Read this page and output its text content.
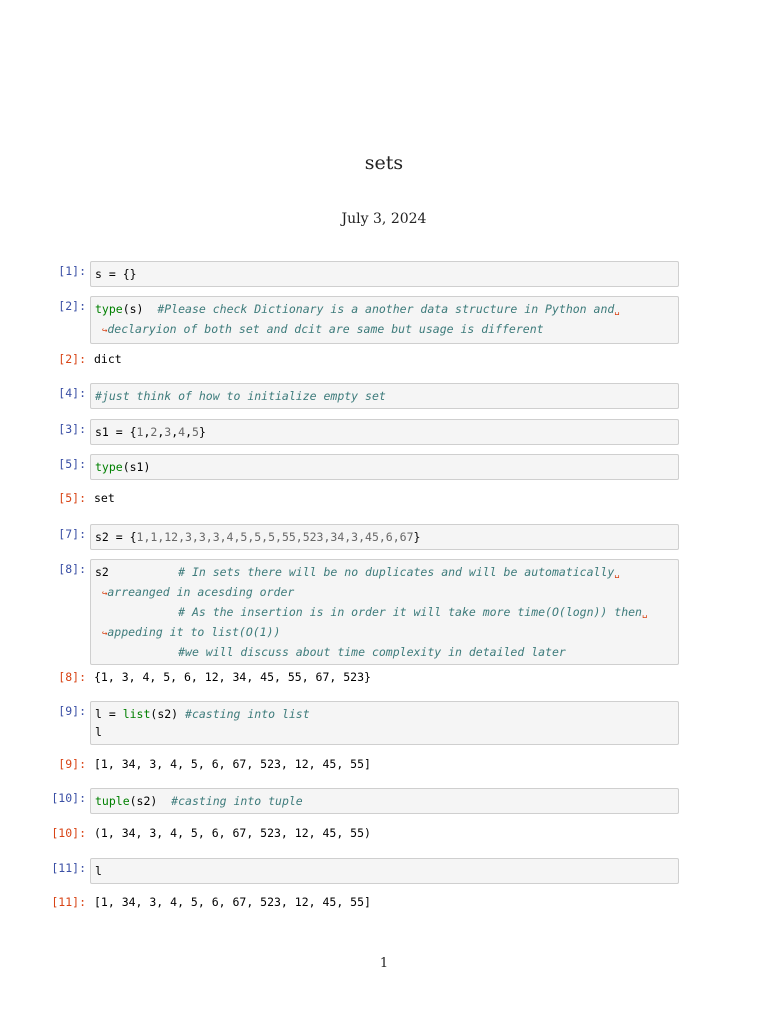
sets
July 3, 2024
[1]: s = {}
[2]: type(s)  #Please check Dictionary is a another data structure in Python and␣
↪declaryion of both set and dcit are same but usage is different
[2]: dict
[4]: #just think of how to initialize empty set
[3]: s1 = {1,2,3,4,5}
[5]: type(s1)
[5]: set
[7]: s2 = {1,1,12,3,3,3,4,5,5,5,55,523,34,3,45,6,67}
[8]: s2	# In sets there will be no duplicates and will be automatically␣
↪arreanged in acesding order
# As the insertion is in order it will take more time(O(logn)) then␣
↪appeding it to list(O(1))
#we will discuss about time complexity in detailed later
[8]: {1, 3, 4, 5, 6, 12, 34, 45, 55, 67, 523}
[9]: l = list(s2) #casting into list
l
[9]: [1, 34, 3, 4, 5, 6, 67, 523, 12, 45, 55]
[10]: tuple(s2)  #casting into tuple
[10]: (1, 34, 3, 4, 5, 6, 67, 523, 12, 45, 55)
[11]: l
[11]: [1, 34, 3, 4, 5, 6, 67, 523, 12, 45, 55]
1
